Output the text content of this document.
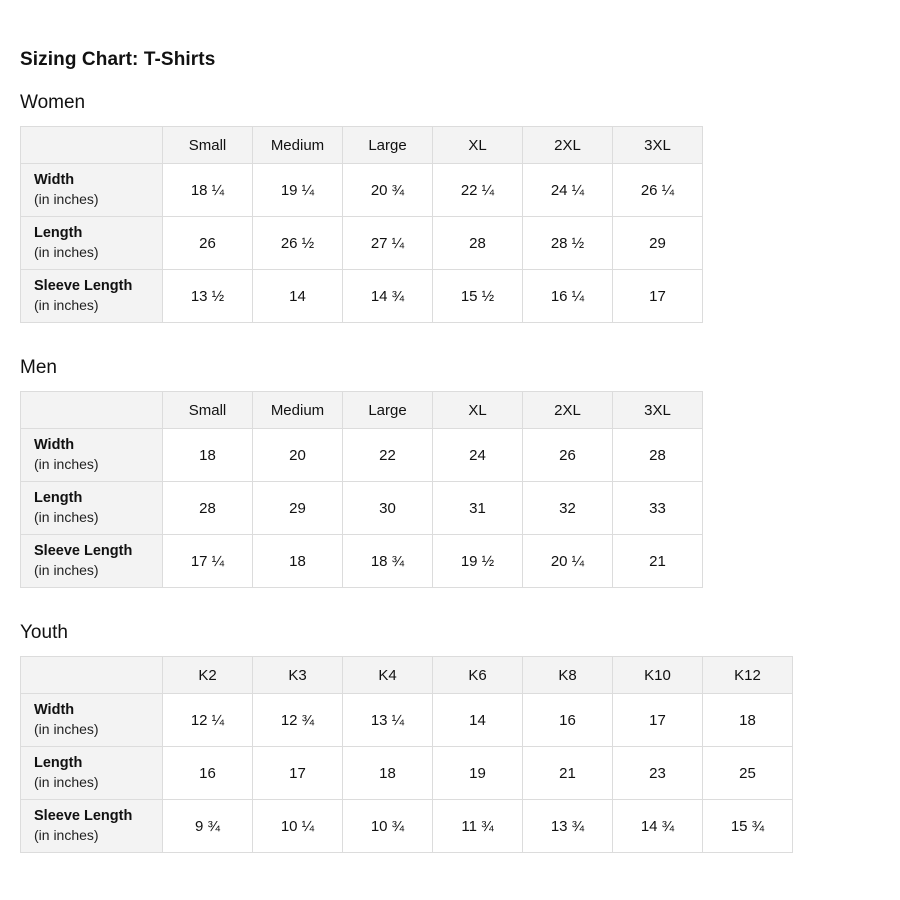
Sizing Chart: T-Shirts
Women
	Small	Medium	Large	XL	2XL	3XL

Width
(in inches)	18 ¼	19 ¼	20 ¾	22 ¼	24 ¼	26 ¼

Length
(in inches)	26	26 ½	27 ¼	28	28 ½	29

Sleeve Length
(in inches)	13 ½	14	14 ¾	15 ½	16 ¼	17
Men
	Small	Medium	Large	XL	2XL	3XL

Width
(in inches)	18	20	22	24	26	28

Length
(in inches)	28	29	30	31	32	33

Sleeve Length
(in inches)	17 ¼	18	18 ¾	19 ½	20 ¼	21
Youth
	K2	K3	K4	K6	K8	K10	K12

Width
(in inches)	12 ¼	12 ¾	13 ¼	14	16	17	18

Length
(in inches)	16	17	18	19	21	23	25

Sleeve Length
(in inches)	9 ¾	10 ¼	10 ¾	11 ¾	13 ¾	14 ¾	15 ¾
